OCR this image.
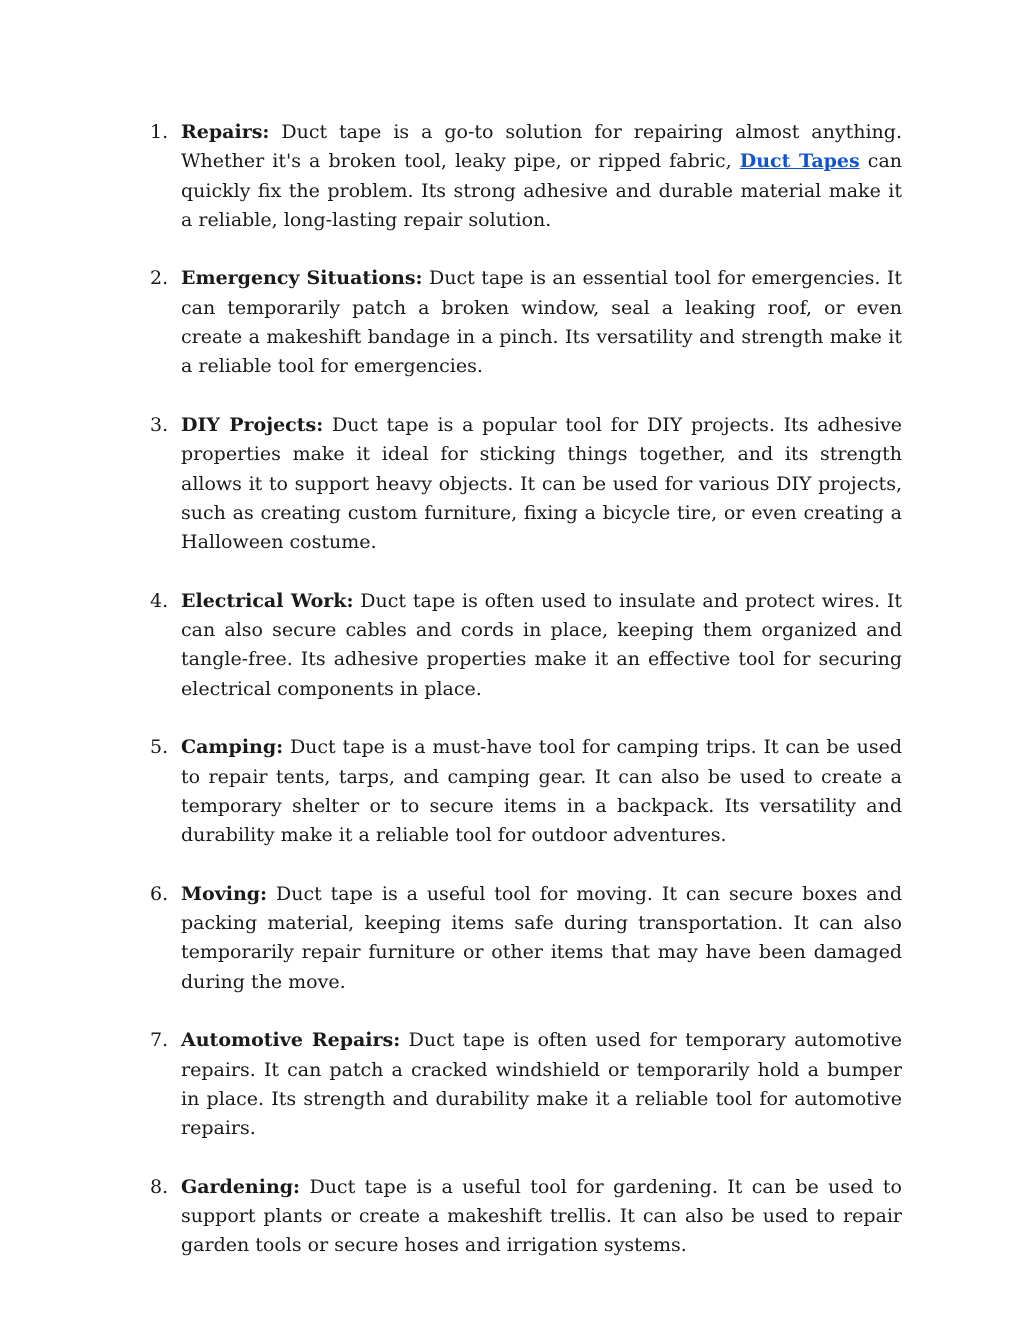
1. Repairs: Duct tape is a go-to solution for repairing almost anything. Whether it's a broken tool, leaky pipe, or ripped fabric, Duct Tapes can quickly fix the problem. Its strong adhesive and durable material make it a reliable, long-lasting repair solution.
2. Emergency Situations: Duct tape is an essential tool for emergencies. It can temporarily patch a broken window, seal a leaking roof, or even create a makeshift bandage in a pinch. Its versatility and strength make it a reliable tool for emergencies.
3. DIY Projects: Duct tape is a popular tool for DIY projects. Its adhesive properties make it ideal for sticking things together, and its strength allows it to support heavy objects. It can be used for various DIY projects, such as creating custom furniture, fixing a bicycle tire, or even creating a Halloween costume.
4. Electrical Work: Duct tape is often used to insulate and protect wires. It can also secure cables and cords in place, keeping them organized and tangle-free. Its adhesive properties make it an effective tool for securing electrical components in place.
5. Camping: Duct tape is a must-have tool for camping trips. It can be used to repair tents, tarps, and camping gear. It can also be used to create a temporary shelter or to secure items in a backpack. Its versatility and durability make it a reliable tool for outdoor adventures.
6. Moving: Duct tape is a useful tool for moving. It can secure boxes and packing material, keeping items safe during transportation. It can also temporarily repair furniture or other items that may have been damaged during the move.
7. Automotive Repairs: Duct tape is often used for temporary automotive repairs. It can patch a cracked windshield or temporarily hold a bumper in place. Its strength and durability make it a reliable tool for automotive repairs.
8. Gardening: Duct tape is a useful tool for gardening. It can be used to support plants or create a makeshift trellis. It can also be used to repair garden tools or secure hoses and irrigation systems.
